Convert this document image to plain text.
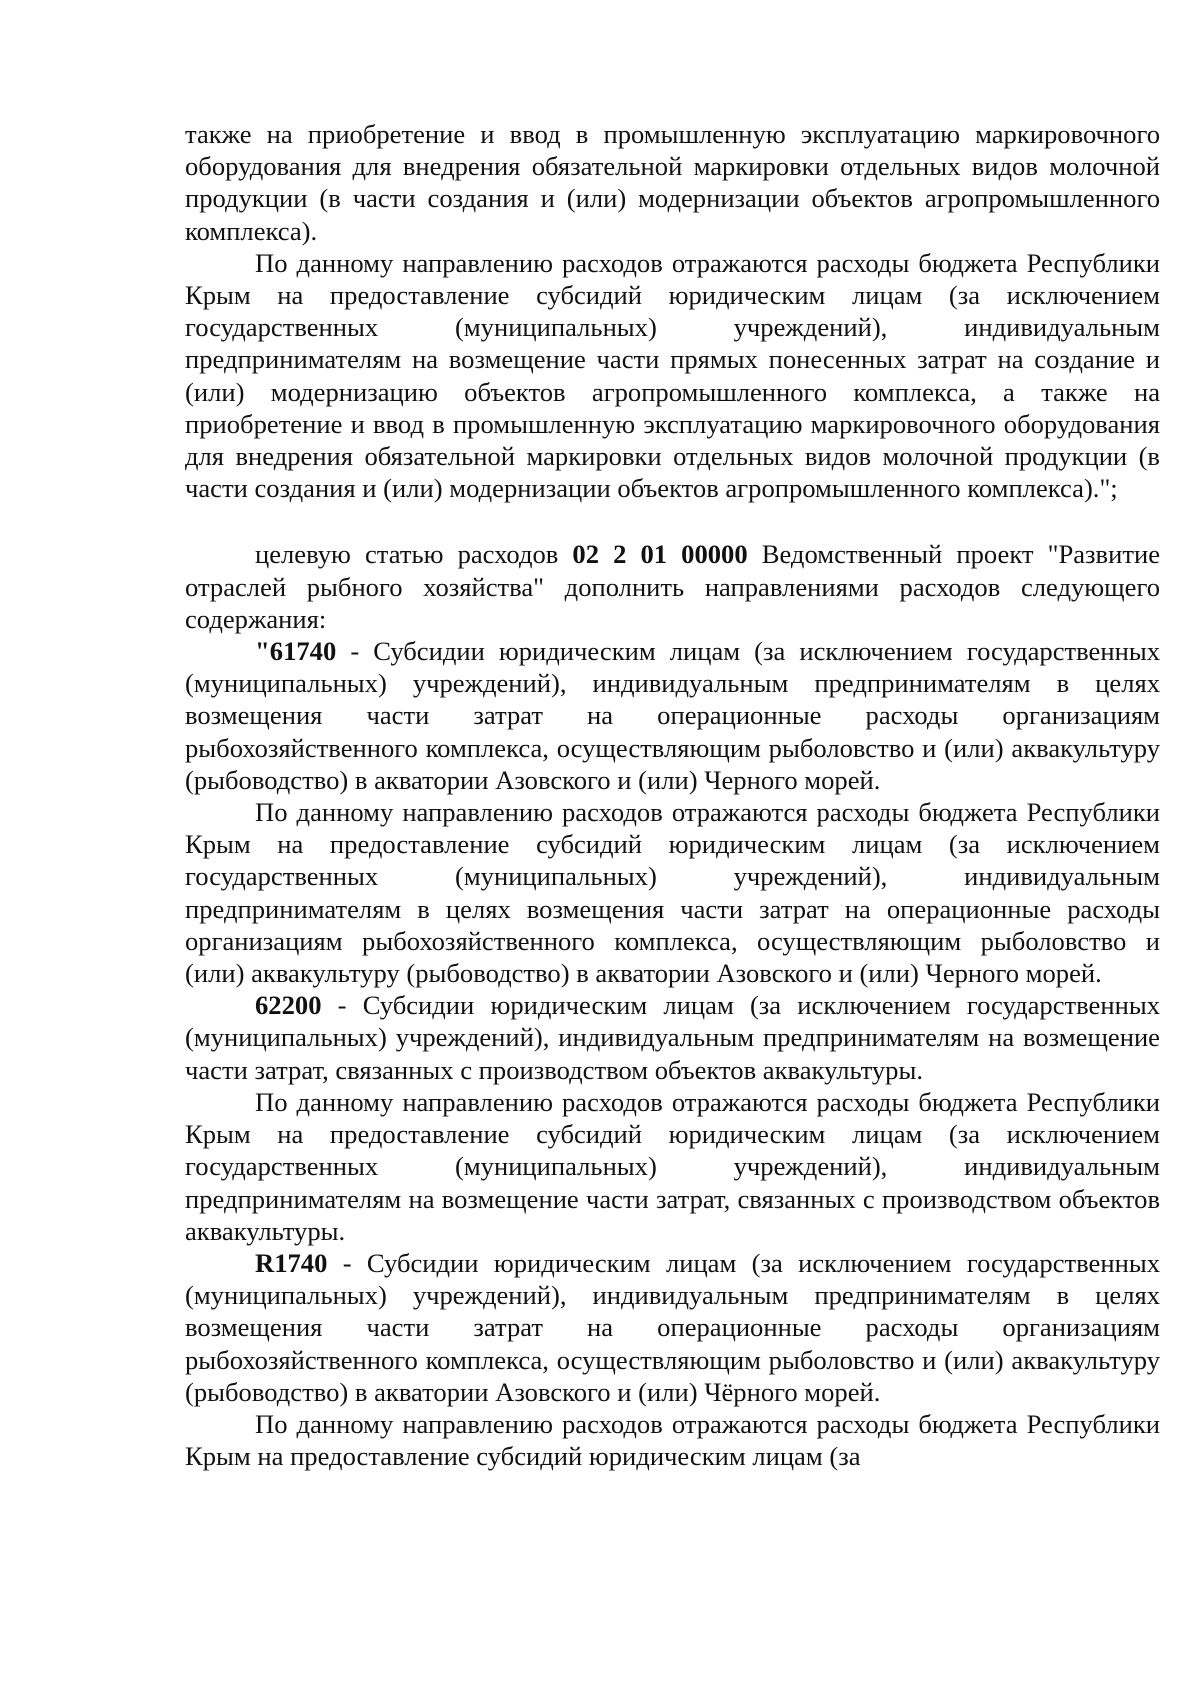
также на приобретение и ввод в промышленную эксплуатацию маркировочного оборудования для внедрения обязательной маркировки отдельных видов молочной продукции (в части создания и (или) модернизации объектов агропромышленного комплекса).

По данному направлению расходов отражаются расходы бюджета Республики Крым на предоставление субсидий юридическим лицам (за исключением государственных (муниципальных) учреждений), индивидуальным предпринимателям на возмещение части прямых понесенных затрат на создание и (или) модернизацию объектов агропромышленного комплекса, а также на приобретение и ввод в промышленную эксплуатацию маркировочного оборудования для внедрения обязательной маркировки отдельных видов молочной продукции (в части создания и (или) модернизации объектов агропромышленного комплекса).";

целевую статью расходов 02 2 01 00000 Ведомственный проект "Развитие отраслей рыбного хозяйства" дополнить направлениями расходов следующего содержания:

"61740 - Субсидии юридическим лицам (за исключением государственных (муниципальных) учреждений), индивидуальным предпринимателям в целях возмещения части затрат на операционные расходы организациям рыбохозяйственного комплекса, осуществляющим рыболовство и (или) аквакультуру (рыбоводство) в акватории Азовского и (или) Черного морей.

По данному направлению расходов отражаются расходы бюджета Республики Крым на предоставление субсидий юридическим лицам (за исключением государственных (муниципальных) учреждений), индивидуальным предпринимателям в целях возмещения части затрат на операционные расходы организациям рыбохозяйственного комплекса, осуществляющим рыболовство и (или) аквакультуру (рыбоводство) в акватории Азовского и (или) Черного морей.

62200 - Субсидии юридическим лицам (за исключением государственных (муниципальных) учреждений), индивидуальным предпринимателям на возмещение части затрат, связанных с производством объектов аквакультуры.

По данному направлению расходов отражаются расходы бюджета Республики Крым на предоставление субсидий юридическим лицам (за исключением государственных (муниципальных) учреждений), индивидуальным предпринимателям на возмещение части затрат, связанных с производством объектов аквакультуры.

R1740 - Субсидии юридическим лицам (за исключением государственных (муниципальных) учреждений), индивидуальным предпринимателям в целях возмещения части затрат на операционные расходы организациям рыбохозяйственного комплекса, осуществляющим рыболовство и (или) аквакультуру (рыбоводство) в акватории Азовского и (или) Чёрного морей.

По данному направлению расходов отражаются расходы бюджета Республики Крым на предоставление субсидий юридическим лицам (за
